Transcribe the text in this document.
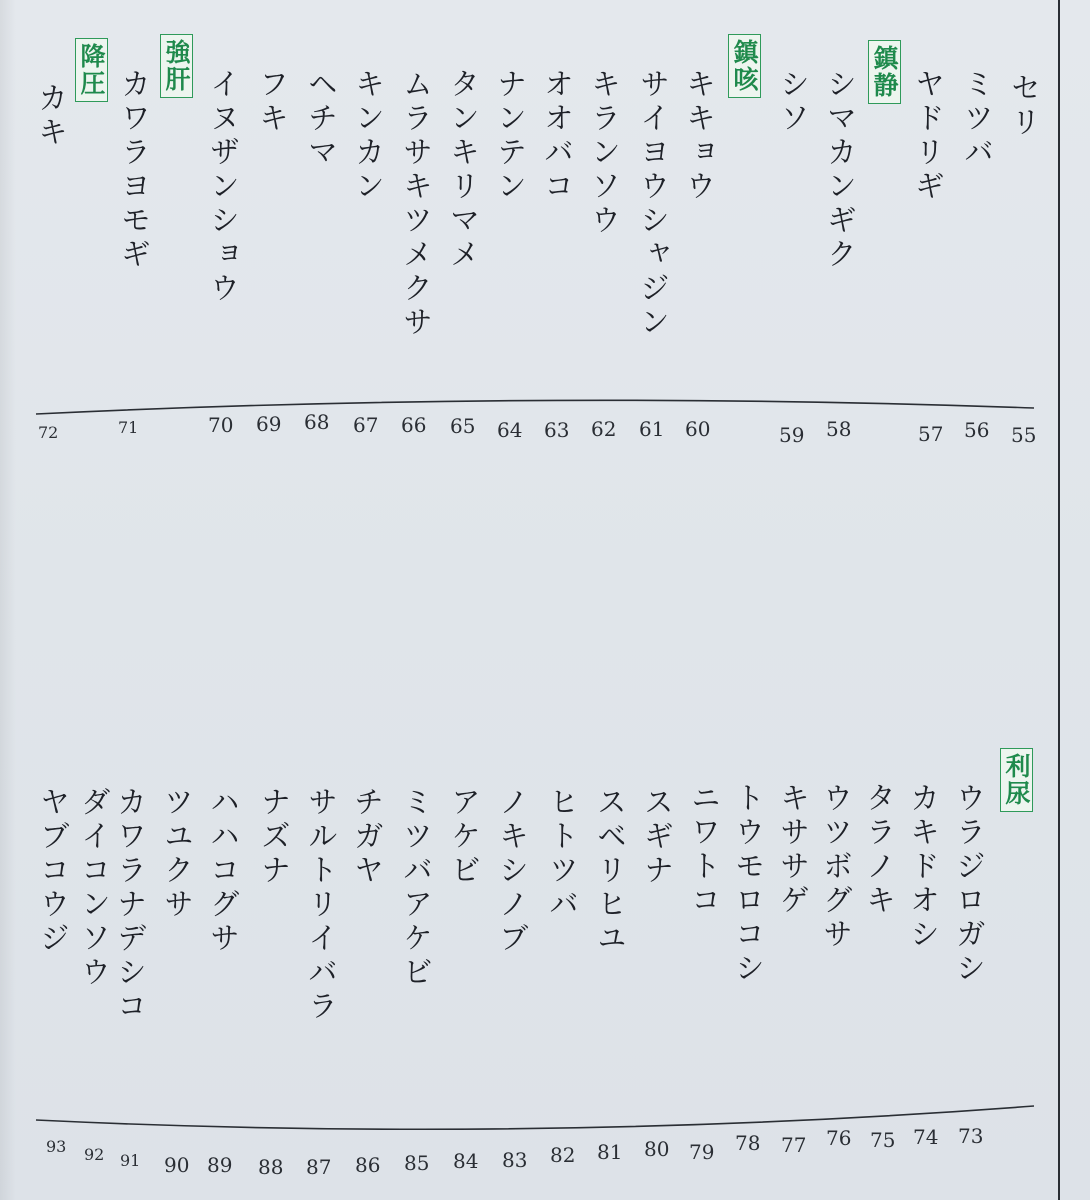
セリ
ミツバ
ヤドリギ
鎮静
シマカンギク
シソ
鎮咳
キキョウ
サイヨウシャジン
キランソウ
オオバコ
ナンテン
タンキリマメ
ムラサキツメクサ
キンカン
ヘチマ
フキ
イヌザンショウ
強肝
カワラヨモギ
降圧
カキ
55
56
57
58
59
60
61
62
63
64
65
66
67
68
69
70
71
72
利尿
ウラジロガシ
カキドオシ
タラノキ
ウツボグサ
キササゲ
トウモロコシ
ニワトコ
スギナ
スベリヒユ
ヒトツバ
ノキシノブ
アケビ
ミツバアケビ
チガヤ
サルトリイバラ
ナズナ
ハハコグサ
ツユクサ
カワラナデシコ
ダイコンソウ
ヤブコウジ
73
74
75
76
77
78
79
80
81
82
83
84
85
86
87
88
89
90
91
92
93
